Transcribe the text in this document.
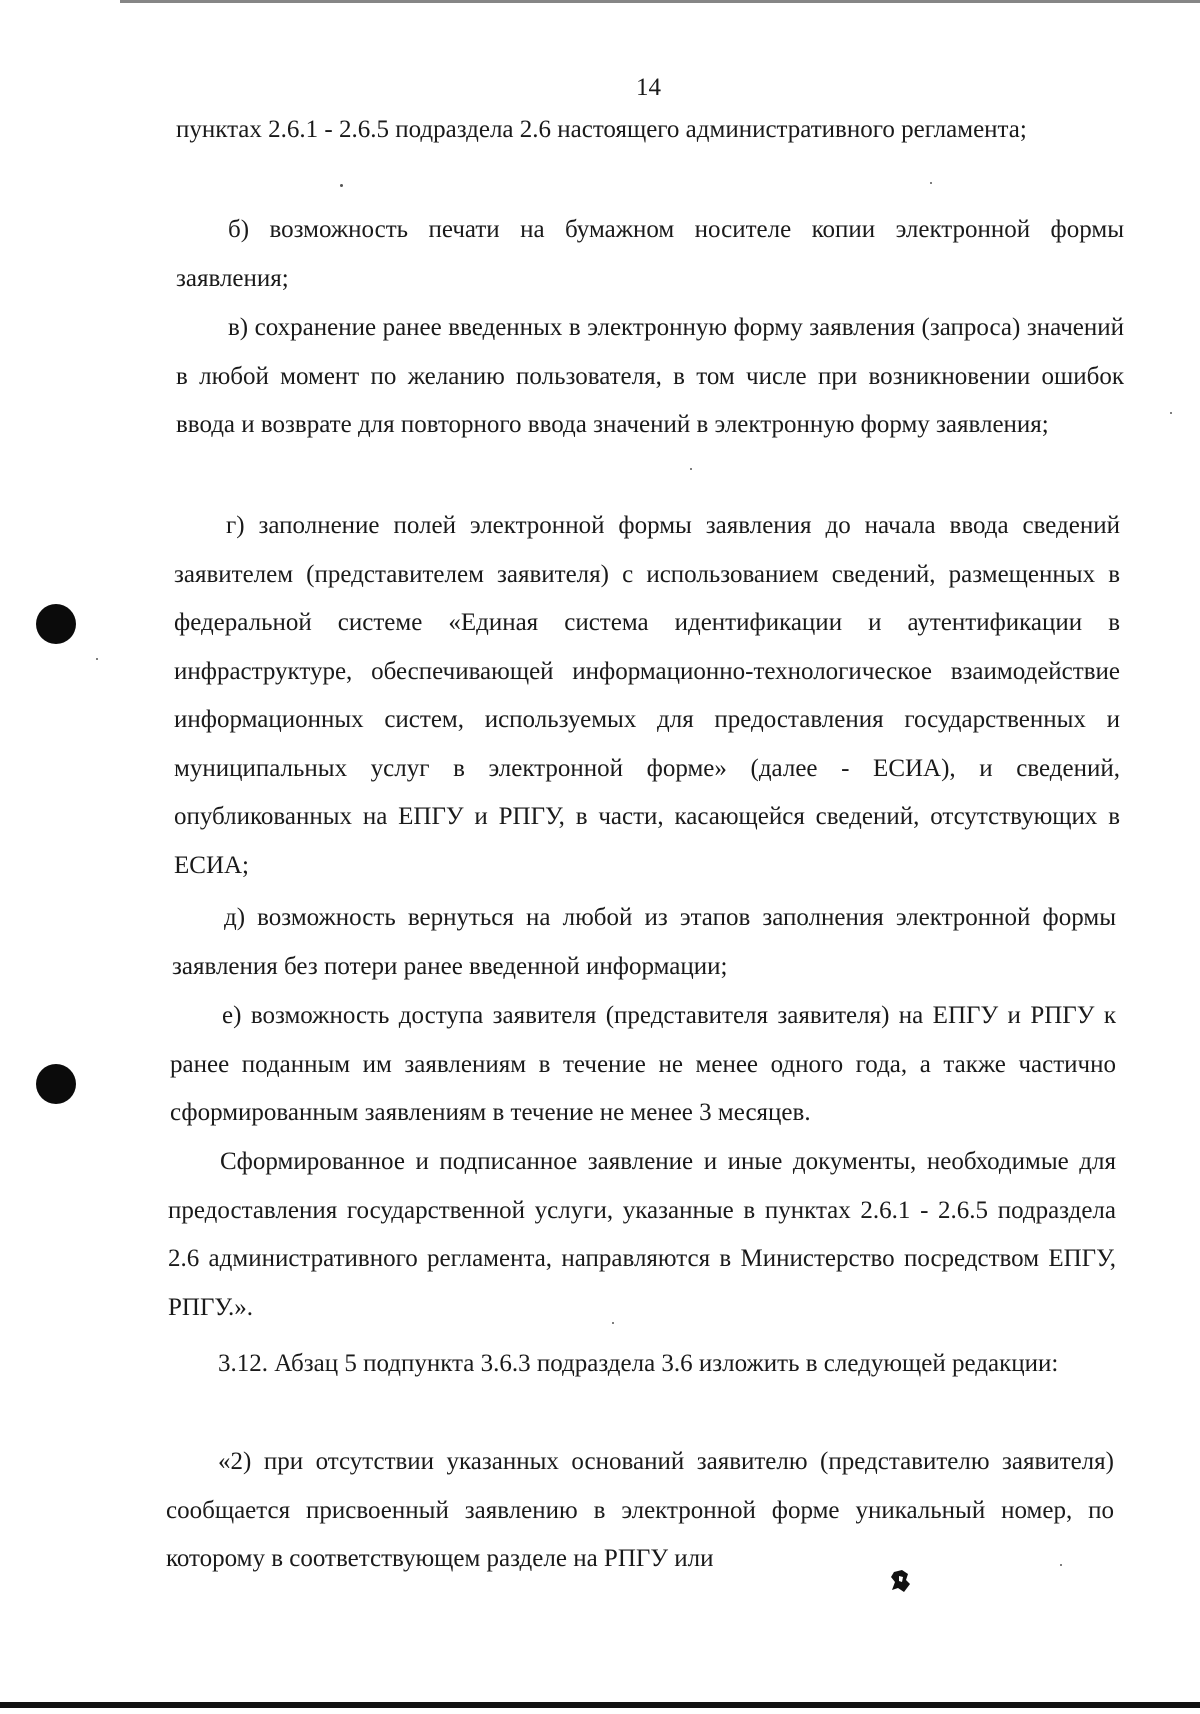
14

пунктах 2.6.1 - 2.6.5 подраздела 2.6 настоящего административного регламента;

б) возможность печати на бумажном носителе копии электронной формы заявления;

в) сохранение ранее введенных в электронную форму заявления (запроса) значений в любой момент по желанию пользователя, в том числе при возникновении ошибок ввода и возврате для повторного ввода значений в электронную форму заявления;

г) заполнение полей электронной формы заявления до начала ввода сведений заявителем (представителем заявителя) с использованием сведений, размещенных в федеральной системе «Единая система идентификации и аутентификации в инфраструктуре, обеспечивающей информационно-технологическое взаимодействие информационных систем, используемых для предоставления государственных и муниципальных услуг в электронной форме» (далее - ЕСИА), и сведений, опубликованных на ЕПГУ и РПГУ, в части, касающейся сведений, отсутствующих в ЕСИА;

д) возможность вернуться на любой из этапов заполнения электронной формы заявления без потери ранее введенной информации;

е) возможность доступа заявителя (представителя заявителя) на ЕПГУ и РПГУ к ранее поданным им заявлениям в течение не менее одного года, а также частично сформированным заявлениям в течение не менее 3 месяцев.

Сформированное и подписанное заявление и иные документы, необходимые для предоставления государственной услуги, указанные в пунктах 2.6.1 - 2.6.5 подраздела 2.6 административного регламента, направляются в Министерство посредством ЕПГУ, РПГУ.».

3.12. Абзац 5 подпункта 3.6.3 подраздела 3.6 изложить в следующей редакции:

«2) при отсутствии указанных оснований заявителю (представителю заявителя) сообщается присвоенный заявлению в электронной форме уникальный номер, по которому в соответствующем разделе на РПГУ или
